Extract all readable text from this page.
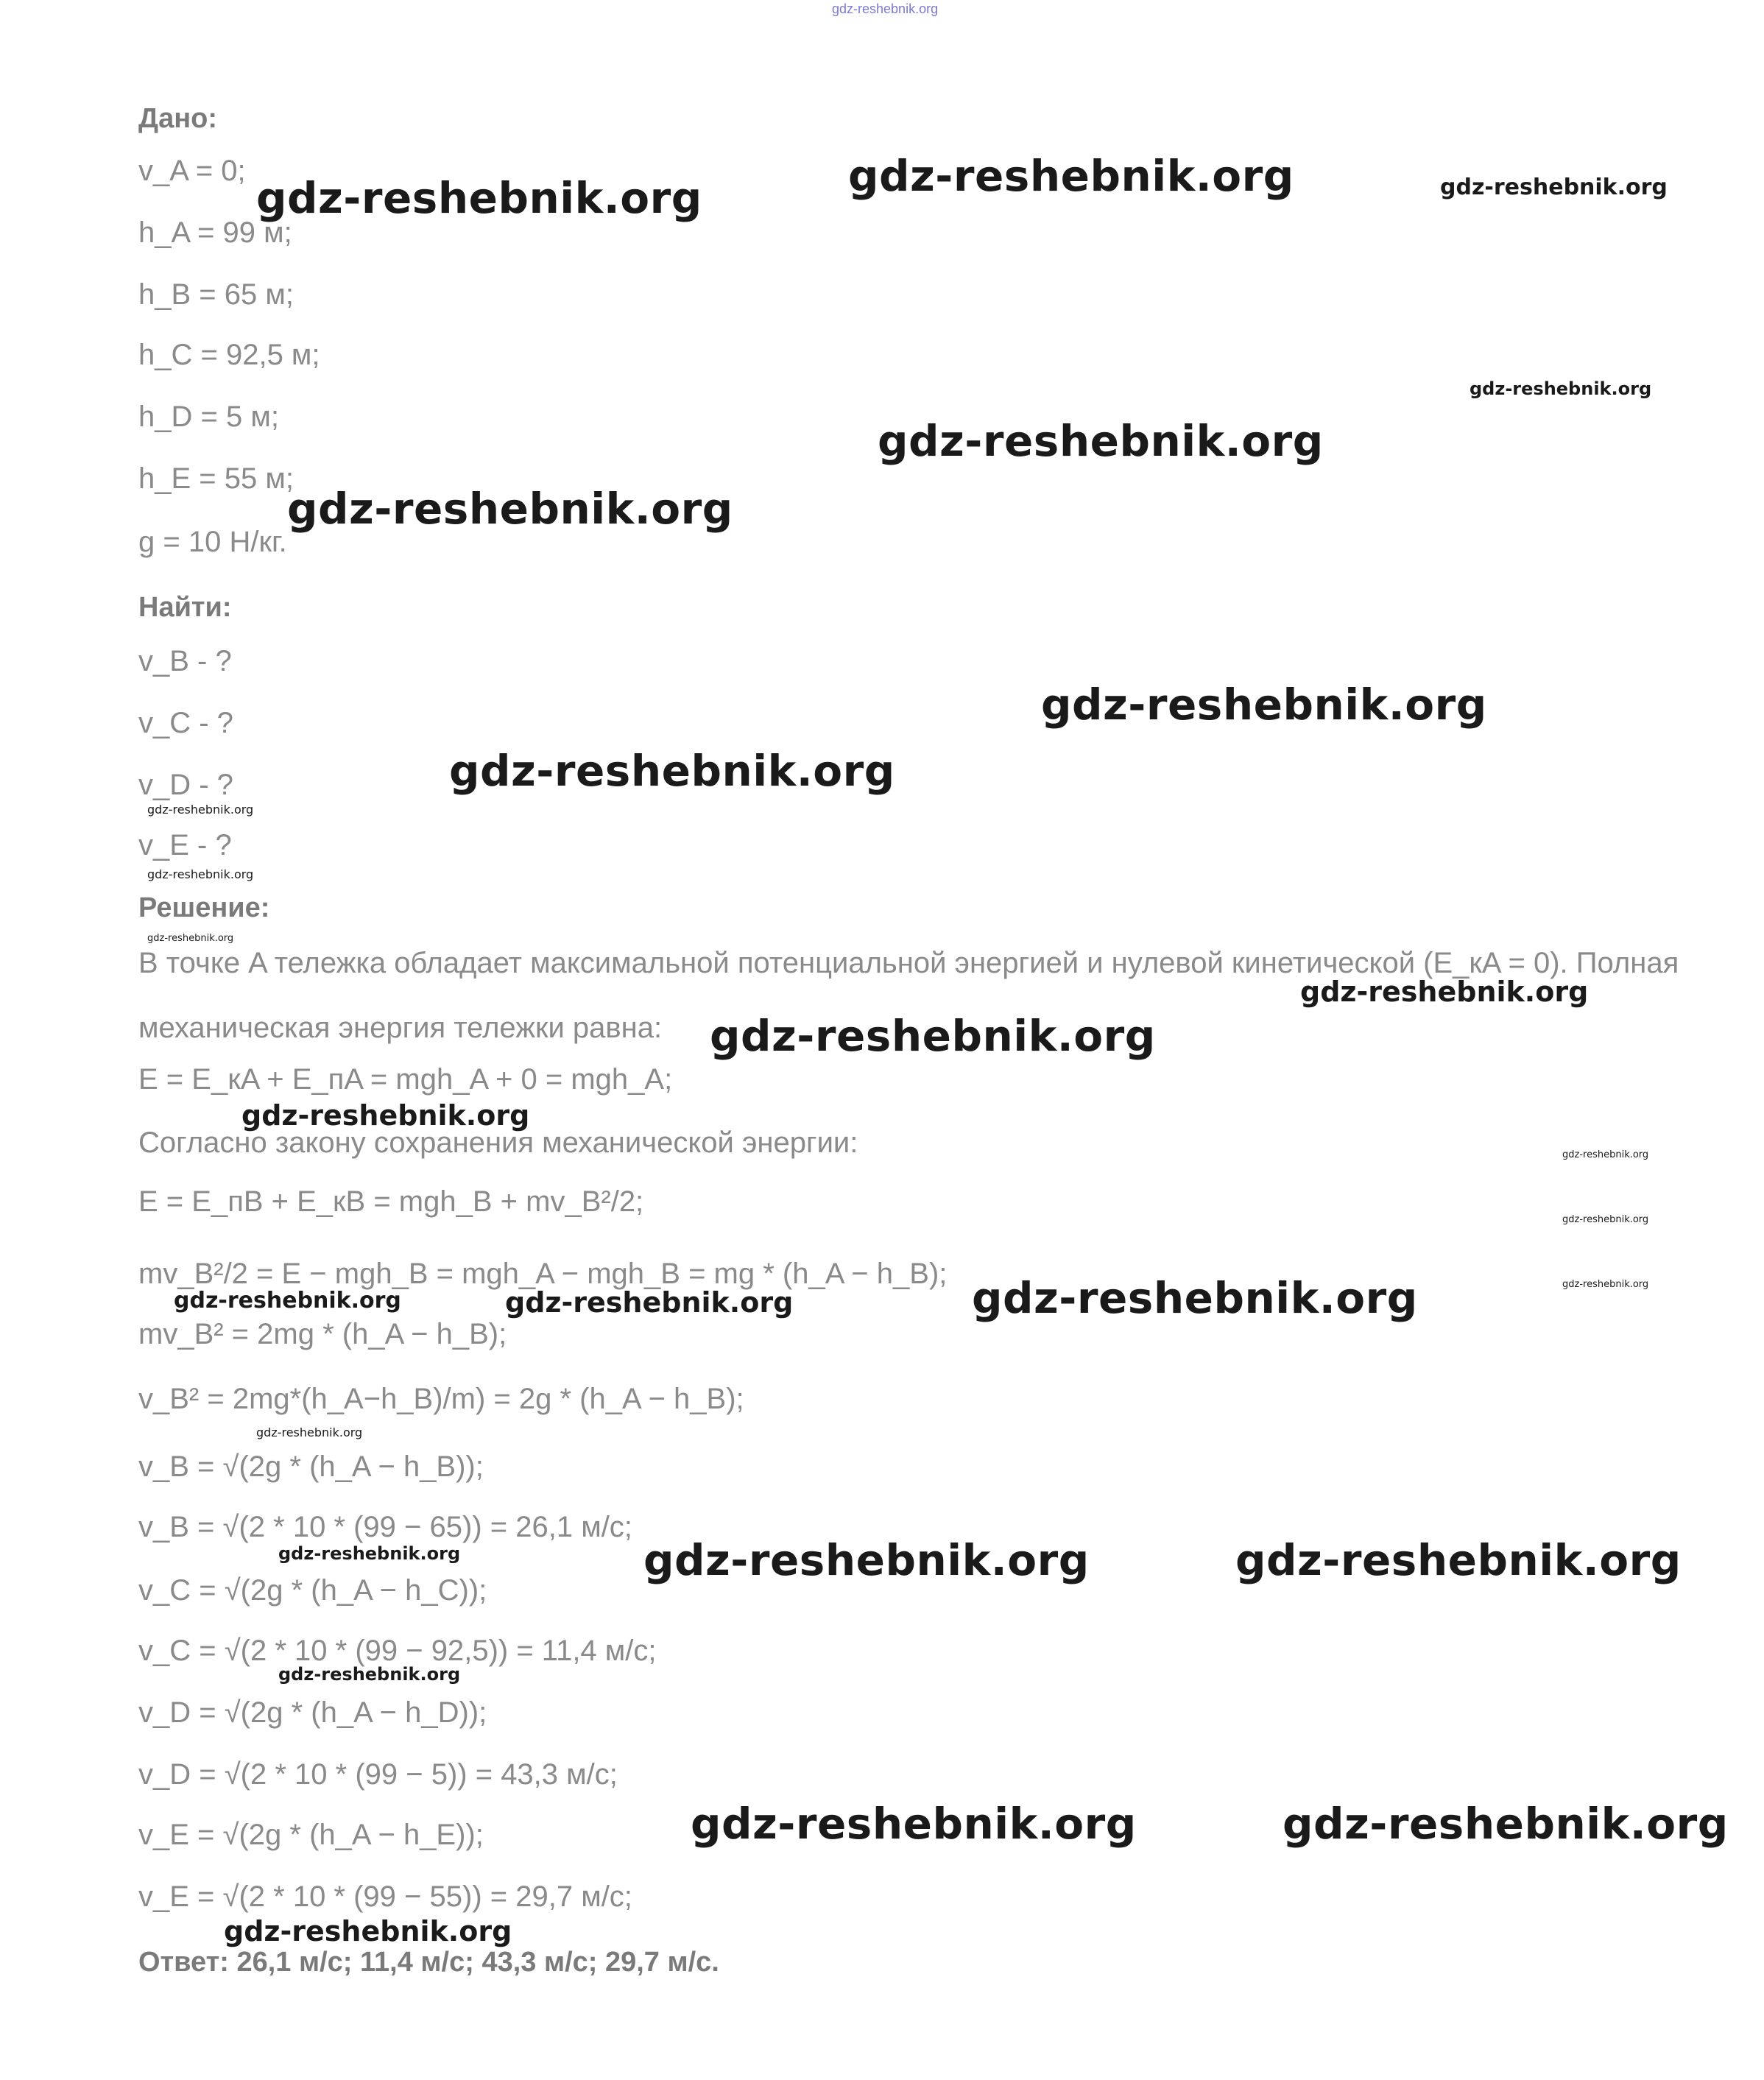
gdz-reshebnik.org
Дано:
v_A = 0;
h_A = 99 м;
h_B = 65 м;
h_C = 92,5 м;
h_D = 5 м;
h_E = 55 м;
g = 10 Н/кг.
Найти:
v_B - ?
v_C - ?
v_D - ?
v_E - ?
Решение:
В точке A тележка обладает максимальной потенциальной энергией и нулевой кинетической (E_кA = 0). Полная
механическая энергия тележки равна:
E = E_кA + E_пA = mgh_A + 0 = mgh_A;
Согласно закону сохранения механической энергии:
E = E_пB + E_кB = mgh_B + mv_B²/2;
mv_B²/2 = E − mgh_B = mgh_A − mgh_B = mg * (h_A − h_B);
mv_B² = 2mg * (h_A − h_B);
v_B² = 2mg*(h_A−h_B)/m) = 2g * (h_A − h_B);
v_B = √(2g * (h_A − h_B));
v_B = √(2 * 10 * (99 − 65)) = 26,1 м/с;
v_C = √(2g * (h_A − h_C));
v_C = √(2 * 10 * (99 − 92,5)) = 11,4 м/с;
v_D = √(2g * (h_A − h_D));
v_D = √(2 * 10 * (99 − 5)) = 43,3 м/с;
v_E = √(2g * (h_A − h_E));
v_E = √(2 * 10 * (99 − 55)) = 29,7 м/с;
Ответ: 26,1 м/с; 11,4 м/с; 43,3 м/с; 29,7 м/с.
gdz-reshebnik.org	gdz-reshebnik.org	gdz-reshebnik.org
gdz-reshebnik.org
gdz-reshebnik.org
gdz-reshebnik.org
gdz-reshebnik.org
gdz-reshebnik.org
gdz-reshebnik.org
gdz-reshebnik.org
gdz-reshebnik.org
gdz-reshebnik.org
gdz-reshebnik.org
gdz-reshebnik.org
gdz-reshebnik.org
gdz-reshebnik.org
gdz-reshebnik.org
gdz-reshebnik.org
gdz-reshebnik.org	gdz-reshebnik.org
gdz-reshebnik.org
gdz-reshebnik.org	gdz-reshebnik.org	gdz-reshebnik.org
gdz-reshebnik.org
gdz-reshebnik.org	gdz-reshebnik.org
gdz-reshebnik.org
